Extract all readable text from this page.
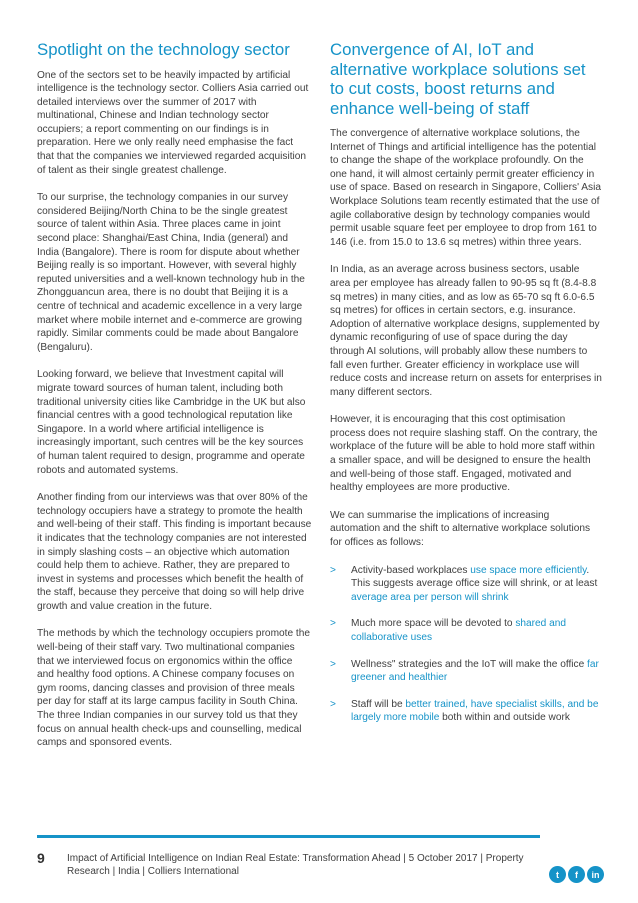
Spotlight on the technology sector

One of the sectors set to be heavily impacted by artificial intelligence is the technology sector. Colliers Asia carried out detailed interviews over the summer of 2017 with multinational, Chinese and Indian technology sector occupiers; a report commenting on our findings is in preparation. Here we only really need emphasise the fact that that the companies we interviewed regarded acquisition of talent as their single greatest challenge.

To our surprise, the technology companies in our survey considered Beijing/North China to be the single greatest source of talent within Asia. Three places came in joint second place: Shanghai/East China, India (general) and India (Bangalore). There is room for dispute about whether Beijing really is so important. However, with several highly reputed universities and a well-known technology hub in the Zhongguancun area, there is no doubt that Beijing it is a centre of technical and academic excellence in a very large market where mobile internet and e-commerce are growing rapidly. Similar comments could be made about Bangalore (Bengaluru).

Looking forward, we believe that Investment capital will migrate toward sources of human talent, including both traditional university cities like Cambridge in the UK but also financial centres with a good technological reputation like Singapore. In a world where artificial intelligence is increasingly important, such centres will be the key sources of human talent required to design, programme and operate robots and automated systems.

Another finding from our interviews was that over 80% of the technology occupiers have a strategy to promote the health and well-being of their staff. This finding is important because it indicates that the technology companies are not interested in simply slashing costs – an objective which automation could help them to achieve. Rather, they are prepared to invest in systems and processes which benefit the health of the staff, because they perceive that doing so will help drive growth and value creation in the future.

The methods by which the technology occupiers promote the well-being of their staff vary. Two multinational companies that we interviewed focus on ergonomics within the office and healthy food options. A Chinese company focuses on gym rooms, dancing classes and provision of three meals per day for staff at its large campus facility in South China. The three Indian companies in our survey told us that they focus on annual health check-ups and counselling, medical camps and sponsored events.

Convergence of AI, IoT and alternative workplace solutions set to cut costs, boost returns and enhance well-being of staff

The convergence of alternative workplace solutions, the Internet of Things and artificial intelligence has the potential to change the shape of the workplace profoundly. On the one hand, it will almost certainly permit greater efficiency in use of space. Based on research in Singapore, Colliers' Asia Workplace Solutions team recently estimated that the use of agile collaborative design by technology companies would permit usable square feet per employee to drop from 161 to 146 (i.e. from 15.0 to 13.6 sq metres) within three years.

In India, as an average across business sectors, usable area per employee has already fallen to 90-95 sq ft (8.4-8.8 sq metres) in many cities, and as low as 65-70 sq ft 6.0-6.5 sq metres) for offices in certain sectors, e.g. insurance. Adoption of alternative workplace designs, supplemented by dynamic reconfiguring of use of space during the day through AI solutions, will probably allow these numbers to fall even further. Greater efficiency in workplace use will reduce costs and increase return on assets for enterprises in many different sectors.

However, it is encouraging that this cost optimisation process does not require slashing staff. On the contrary, the workplace of the future will be able to hold more staff within a smaller space, and will be designed to ensure the health and well-being of those staff. Engaged, motivated and healthy employees are more productive.

We can summarise the implications of increasing automation and the shift to alternative workplace solutions for offices as follows:

> Activity-based workplaces use space more efficiently. This suggests average office size will shrink, or at least average area per person will shrink
> Much more space will be devoted to shared and collaborative uses
> Wellness" strategies and the IoT will make the office far greener and healthier
> Staff will be better trained, have specialist skills, and be largely more mobile both within and outside work
9 Impact of Artificial Intelligence on Indian Real Estate: Transformation Ahead | 5 October 2017 | Property Research | India | Colliers International	t	f	in
